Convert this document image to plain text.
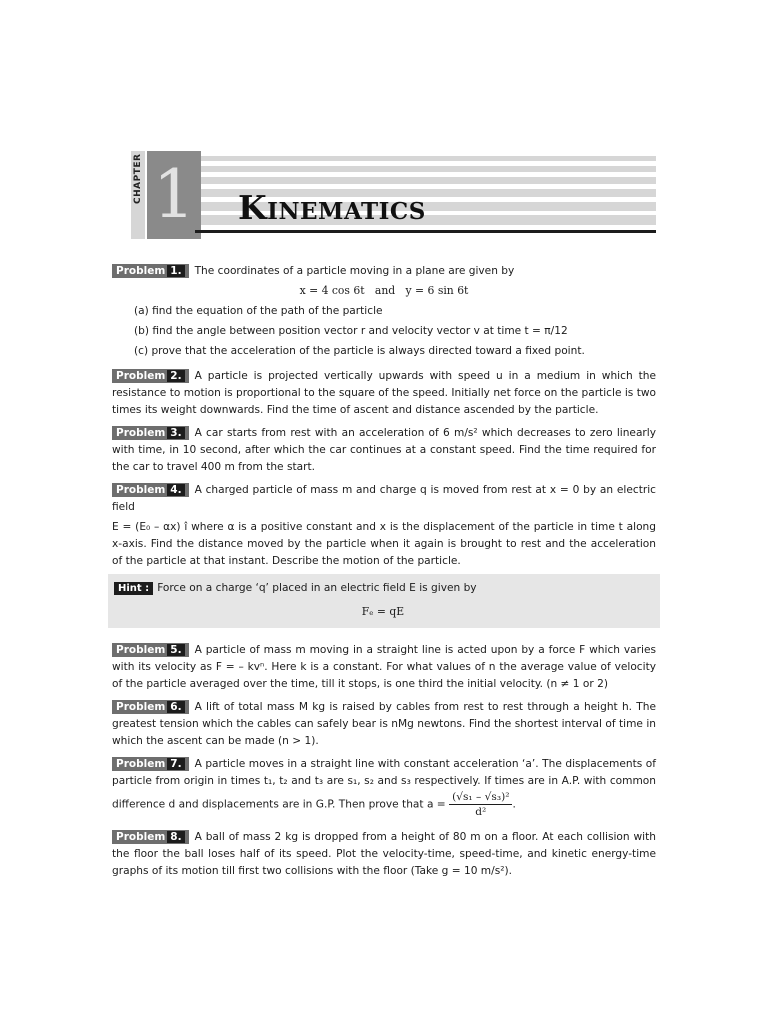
CHAPTER 1 Kinematics
Problem 1. The coordinates of a particle moving in a plane are given by
x = 4 cos 6t   and   y = 6 sin 6t
(a) find the equation of the path of the particle
(b) find the angle between position vector r and velocity vector v at time t = π/12
(c) prove that the acceleration of the particle is always directed toward a fixed point.
Problem 2. A particle is projected vertically upwards with speed u in a medium in which the resistance to motion is proportional to the square of the speed. Initially net force on the particle is two times its weight downwards. Find the time of ascent and distance ascended by the particle.
Problem 3. A car starts from rest with an acceleration of 6 m/s² which decreases to zero linearly with time, in 10 second, after which the car continues at a constant speed. Find the time required for the car to travel 400 m from the start.
Problem 4. A charged particle of mass m and charge q is moved from rest at x = 0 by an electric field
E = (E₀ – αx) î where α is a positive constant and x is the displacement of the particle in time t along x-axis. Find the distance moved by the particle when it again is brought to rest and the acceleration of the particle at that instant. Describe the motion of the particle.
Hint : Force on a charge ‘q’ placed in an electric field E is given by
Fₑ = qE
Problem 5. A particle of mass m moving in a straight line is acted upon by a force F which varies with its velocity as F = – kvⁿ. Here k is a constant. For what values of n the average value of velocity of the particle averaged over the time, till it stops, is one third the initial velocity. (n ≠ 1 or 2)
Problem 6. A lift of total mass M kg is raised by cables from rest to rest through a height h. The greatest tension which the cables can safely bear is nMg newtons. Find the shortest interval of time in which the ascent can be made (n > 1).
Problem 7. A particle moves in a straight line with constant acceleration ‘a’. The displacements of particle from origin in times t₁, t₂ and t₃ are s₁, s₂ and s₃ respectively. If times are in A.P. with common difference d and displacements are in G.P. Then prove that $a = \frac{\text{(√s₁ – √s₃)²}}{\text{d²}}$ .
Problem 8. A ball of mass 2 kg is dropped from a height of 80 m on a floor. At each collision with the floor the ball loses half of its speed. Plot the velocity-time, speed-time, and kinetic energy-time graphs of its motion till first two collisions with the floor (Take g = 10 m/s²).
